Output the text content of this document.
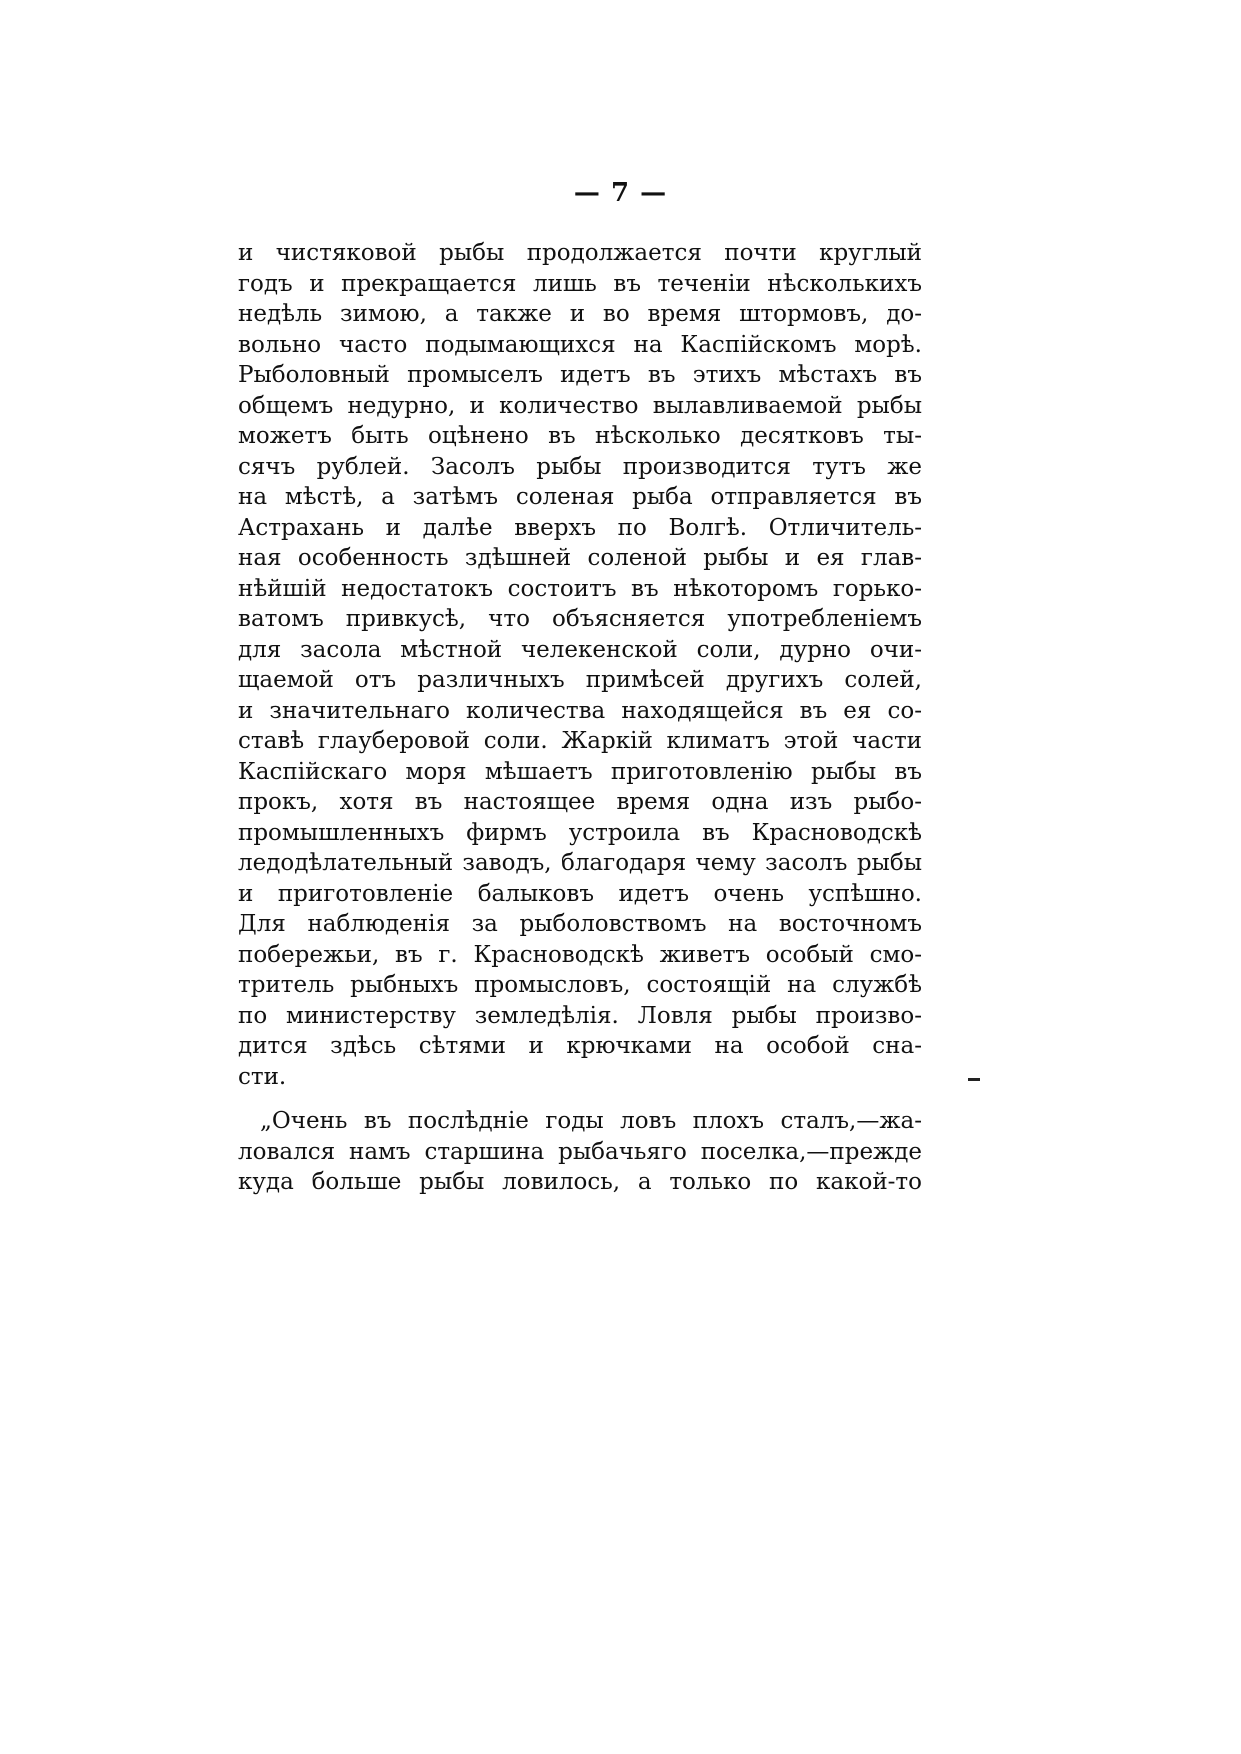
— 7 —
и чистяковой рыбы продолжается почти круглый
годъ и прекращается лишь въ теченіи нѣсколькихъ
недѣль зимою, а также и во время штормовъ, до-
вольно часто подымающихся на Каспійскомъ морѣ.
Рыболовный промыселъ идетъ въ этихъ мѣстахъ въ
общемъ недурно, и количество вылавливаемой рыбы
можетъ быть оцѣнено въ нѣсколько десятковъ ты-
сячъ рублей. Засолъ рыбы производится тутъ же
на мѣстѣ, а затѣмъ соленая рыба отправляется въ
Астрахань и далѣе вверхъ по Волгѣ. Отличитель-
ная особенность здѣшней соленой рыбы и ея глав-
нѣйшій недостатокъ состоитъ въ нѣкоторомъ горько-
ватомъ привкусѣ, что объясняется употребленіемъ
для засола мѣстной челекенской соли, дурно очи-
щаемой отъ различныхъ примѣсей другихъ солей,
и значительнаго количества находящейся въ ея со-
ставѣ глауберовой соли. Жаркій климатъ этой части
Каспійскаго моря мѣшаетъ приготовленію рыбы въ
прокъ, хотя въ настоящее время одна изъ рыбо-
промышленныхъ фирмъ устроила въ Красноводскѣ
ледодѣлательный заводъ, благодаря чему засолъ рыбы
и приготовленіе балыковъ идетъ очень успѣшно.
Для наблюденія за рыболовствомъ на восточномъ
побережьи, въ г. Красноводскѣ живетъ особый смо-
тритель рыбныхъ промысловъ, состоящій на службѣ
по министерству земледѣлія. Ловля рыбы произво-
дится здѣсь сѣтями и крючками на особой сна-
сти.
„Очень въ послѣдніе годы ловъ плохъ сталъ,—жа-
ловался намъ старшина рыбачьяго поселка,—прежде
куда больше рыбы ловилось, а только по какой-то
